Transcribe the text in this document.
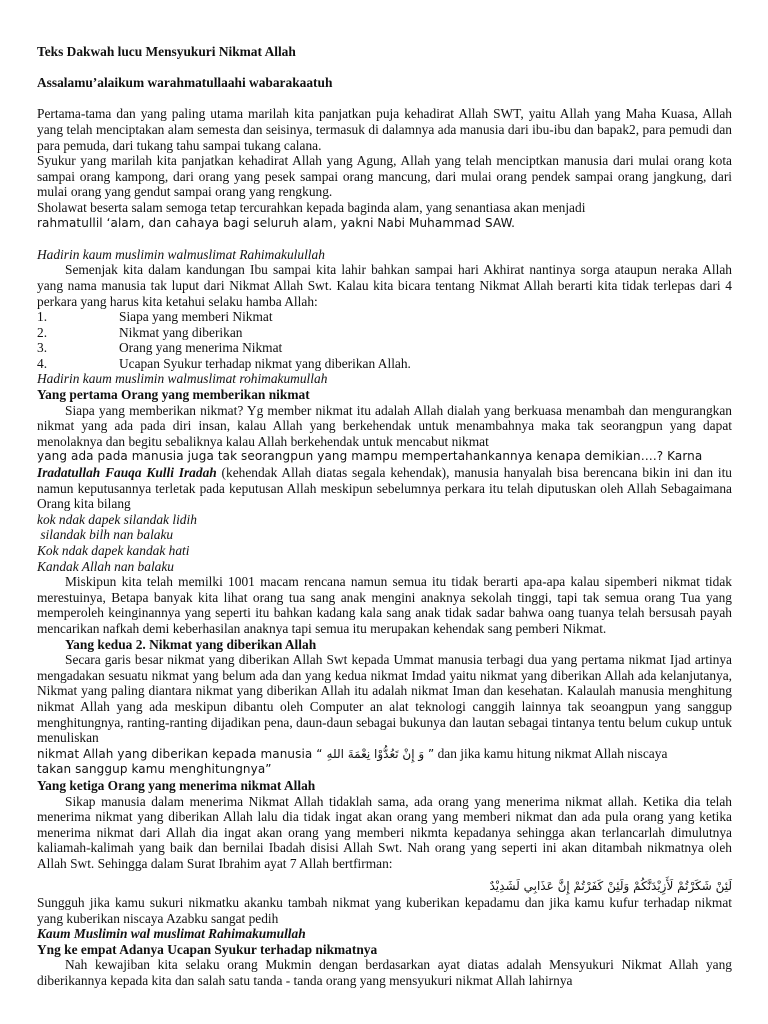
Teks Dakwah lucu Mensyukuri Nikmat Allah

Assalamu’alaikum warahmatullaahi wabarakaatuh

Pertama-tama dan yang paling utama marilah kita panjatkan puja kehadirat Allah SWT, yaitu Allah yang Maha Kuasa, Allah yang telah menciptakan alam semesta dan seisinya, termasuk di dalamnya ada manusia dari ibu-ibu dan bapak2, para pemudi dan para pemuda, dari tukang tahu sampai tukang calana.

Syukur yang marilah kita panjatkan kehadirat Allah yang Agung, Allah yang telah menciptkan manusia dari mulai orang kota sampai orang kampong, dari orang yang pesek sampai orang mancung, dari mulai orang pendek sampai orang jangkung, dari mulai orang yang gendut sampai orang yang rengkung.

Sholawat beserta salam semoga tetap tercurahkan kepada baginda alam, yang senantiasa akan menjadi

rahmatullil ‘alam, dan cahaya bagi seluruh alam, yakni Nabi Muhammad SAW.

Hadirin kaum muslimin walmuslimat Rahimakulullah

Semenjak kita dalam kandungan Ibu sampai kita lahir bahkan sampai hari Akhirat nantinya sorga ataupun neraka Allah yang nama manusia tak luput dari Nikmat Allah Swt. Kalau kita bicara tentang Nikmat Allah berarti kita tidak terlepas dari 4 perkara yang harus kita ketahui selaku hamba Allah:

1.	Siapa yang memberi Nikmat
2.	Nikmat yang diberikan
3.	Orang yang menerima Nikmat
4.	Ucapan Syukur terhadap nikmat yang diberikan Allah.

Hadirin kaum muslimin walmuslimat rohimakumullah

Yang pertama Orang yang memberikan nikmat

Siapa yang memberikan nikmat? Yg member nikmat itu adalah Allah dialah yang berkuasa menambah dan mengurangkan nikmat yang ada pada diri insan, kalau Allah yang berkehendak untuk menambahnya maka tak seorangpun yang dapat menolaknya dan begitu sebaliknya kalau Allah berkehendak untuk mencabut nikmat

yang ada pada manusia juga tak seorangpun yang mampu mempertahankannya kenapa demikian….? Karna

Iradatullah Fauqa Kulli Iradah (kehendak Allah diatas segala kehendak), manusia hanyalah bisa berencana bikin ini dan itu namun keputusannya terletak pada keputusan Allah meskipun sebelumnya perkara itu telah diputuskan oleh Allah Sebagaimana Orang kita bilang

kok ndak dapek silandak lidih

silandak bilh nan balaku

Kok ndak dapek kandak hati

Kandak Allah nan balaku

Miskipun kita telah memilki 1001 macam rencana namun semua itu tidak berarti apa-apa kalau sipemberi nikmat tidak merestuinya, Betapa banyak kita lihat orang tua sang anak mengini anaknya sekolah tinggi, tapi tak semua orang Tua yang memperoleh keinginannya yang seperti itu bahkan kadang kala sang anak tidak sadar bahwa oang tuanya telah bersusah payah mencarikan nafkah demi keberhasilan anaknya tapi semua itu merupakan kehendak sang pemberi Nikmat.

Yang kedua 2. Nikmat yang diberikan Allah

Secara garis besar nikmat yang diberikan Allah Swt kepada Ummat manusia terbagi dua yang pertama nikmat Ijad artinya mengadakan sesuatu nikmat yang belum ada dan yang kedua nikmat Imdad yaitu nikmat yang diberikan Allah ada kelanjutanya, Nikmat yang paling diantara nikmat yang diberikan Allah itu adalah nikmat Iman dan kesehatan. Kalaulah manusia menghitung nikmat Allah yang ada meskipun dibantu oleh Computer an alat teknologi canggih lainnya tak seoangpun yang sanggup menghitungnya, ranting-ranting dijadikan pena, daun-daun sebagai bukunya dan lautan sebagai tintanya tentu belum cukup untuk menuliskan

nikmat Allah yang diberikan kepada manusia “ وَ إِنْ تَعُدُّوْا نِعْمَةَ اللهِ ” dan jika kamu hitung nikmat Allah niscaya

takan sanggup kamu menghitungnya”

Yang ketiga Orang yang menerima nikmat Allah

Sikap manusia dalam menerima Nikmat Allah tidaklah sama, ada orang yang menerima nikmat allah. Ketika dia telah menerima nikmat yang diberikan Allah lalu dia tidak ingat akan orang yang memberi nikmat dan ada pula orang yang ketika menerima nikmat dari Allah dia ingat akan orang yang memberi nikmta kepadanya sehingga akan terlancarlah dimulutnya kaliamah-kalimah yang baik dan bernilai Ibadah disisi Allah Swt. Nah orang yang seperti ini akan ditambah nikmatnya oleh Allah Swt. Sehingga dalam Surat Ibrahim ayat 7 Allah bertfirman:

لَئِنْ شَكَرْتُمْ لَأَزِيْدَنَّكُمْ وَلَئِنْ كَفَرْتُمْ إِنَّ عَذَابِي لَشَدِيْدٌ

Sungguh jika kamu sukuri nikmatku akanku tambah nikmat yang kuberikan kepadamu dan jika kamu kufur terhadap nikmat yang kuberikan niscaya Azabku sangat pedih

Kaum Muslimin wal muslimat Rahimakumullah

Yng ke empat Adanya Ucapan Syukur terhadap nikmatnya

Nah kewajiban kita selaku orang Mukmin dengan berdasarkan ayat diatas adalah Mensyukuri Nikmat Allah yang diberikannya kepada kita dan salah satu tanda - tanda orang yang mensyukuri nikmat Allah lahirnya
